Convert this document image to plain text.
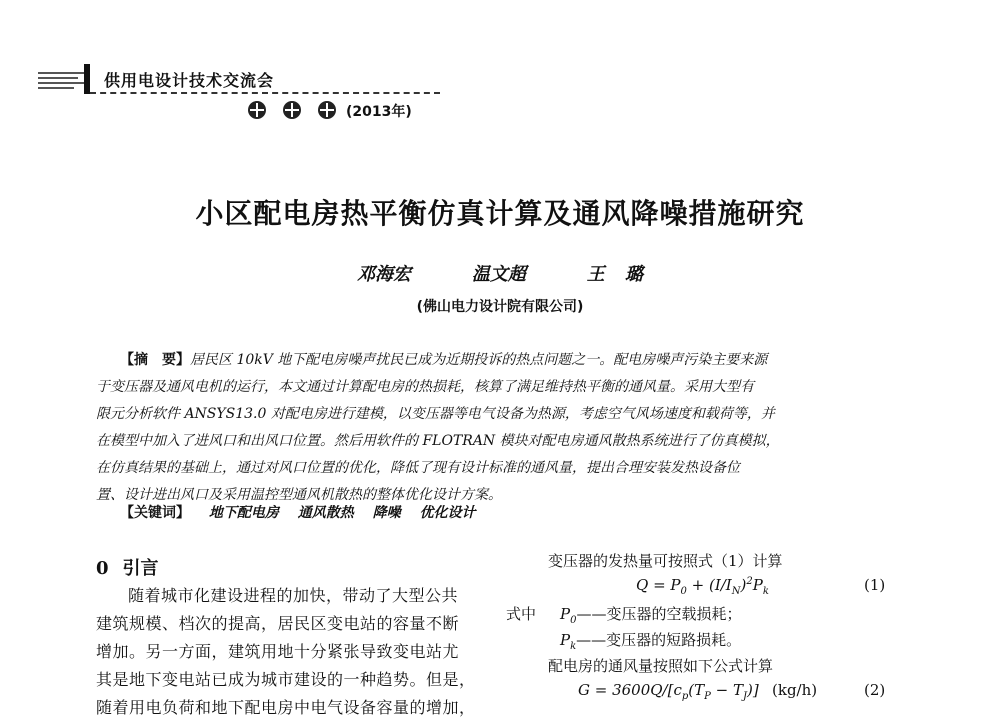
供用电设计技术交流会
(2013年)
小区配电房热平衡仿真计算及通风降噪措施研究
邓海宏	温文超	王 璐
(佛山电力设计院有限公司)
【摘　要】居民区 10kV 地下配电房噪声扰民已成为近期投诉的热点问题之一。配电房噪声污染主要来源
于变压器及通风电机的运行，本文通过计算配电房的热损耗，核算了满足维持热平衡的通风量。采用大型有
限元分析软件 ANSYS13.0 对配电房进行建模，以变压器等电气设备为热源，考虑空气风场速度和载荷等，并
在模型中加入了进风口和出风口位置。然后用软件的 FLOTRAN 模块对配电房通风散热系统进行了仿真模拟，
在仿真结果的基础上，通过对风口位置的优化，降低了现有设计标准的通风量，提出合理安装发热设备位
置、设计进出风口及采用温控型通风机散热的整体优化设计方案。
【关键词】 地下配电房 通风散热 降噪 优化设计
0 引言
随着城市化建设进程的加快，带动了大型公共
建筑规模、档次的提高，居民区变电站的容量不断
增加。另一方面，建筑用地十分紧张导致变电站尤
其是地下变电站已成为城市建设的一种趋势。但是，
随着用电负荷和地下配电房中电气设备容量的增加，
变压器的发热量可按照式（1）计算
$Q = P_0 + (I/I_N)^2P_k$	(1)
式中 $P_0——$变压器的空载损耗；
$P_k——$变压器的短路损耗。
配电房的通风量按照如下公式计算
$G = 3600Q/[c_p(T_P - T_J)]$ (kg/h)	(2)
